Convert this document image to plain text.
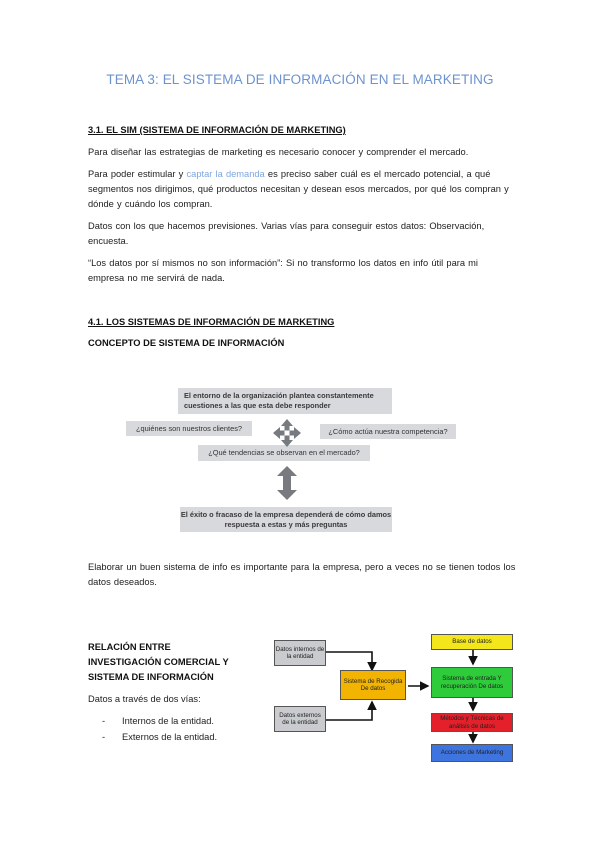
TEMA 3: EL SISTEMA DE INFORMACIÓN EN EL MARKETING
3.1. EL SIM (SISTEMA DE INFORMACIÓN DE MARKETING)
Para diseñar las estrategias de marketing es necesario conocer y comprender el mercado.
Para poder estimular y captar la demanda es preciso saber cuál es el mercado potencial, a qué segmentos nos dirigimos, qué productos necesitan y desean esos mercados, por qué los compran y dónde y cuándo los compran.
Datos con los que hacemos previsiones. Varias vías para conseguir estos datos: Observación, encuesta.
“Los datos por sí mismos no son información”: Si no transformo los datos en info útil para mi empresa no me servirá de nada.
4.1. LOS SISTEMAS DE INFORMACIÓN DE MARKETING
CONCEPTO DE SISTEMA DE INFORMACIÓN
El entorno de la organización plantea constantemente cuestiones a las que esta debe responder
¿quiénes son nuestros clientes?	¿Cómo actúa nuestra competencia?
¿Qué tendencias se observan en el mercado?
El éxito o fracaso de la empresa dependerá de cómo damos respuesta a estas y más preguntas
Elaborar un buen sistema de info es importante para la empresa, pero a veces no se tienen todos los datos deseados.
RELACIÓN ENTRE
INVESTIGACIÓN COMERCIAL Y
SISTEMA DE INFORMACIÓN
Datos a través de dos vías:
- Internos de la entidad.
- Externos de la entidad.
Datos internos de la entidad
Datos externos de la entidad
Sistema de Recogida De datos
Base de datos
Sistema de entrada Y recuperación De datos
Métodos y Técnicas de análisis de datos
Acciones de Marketing
